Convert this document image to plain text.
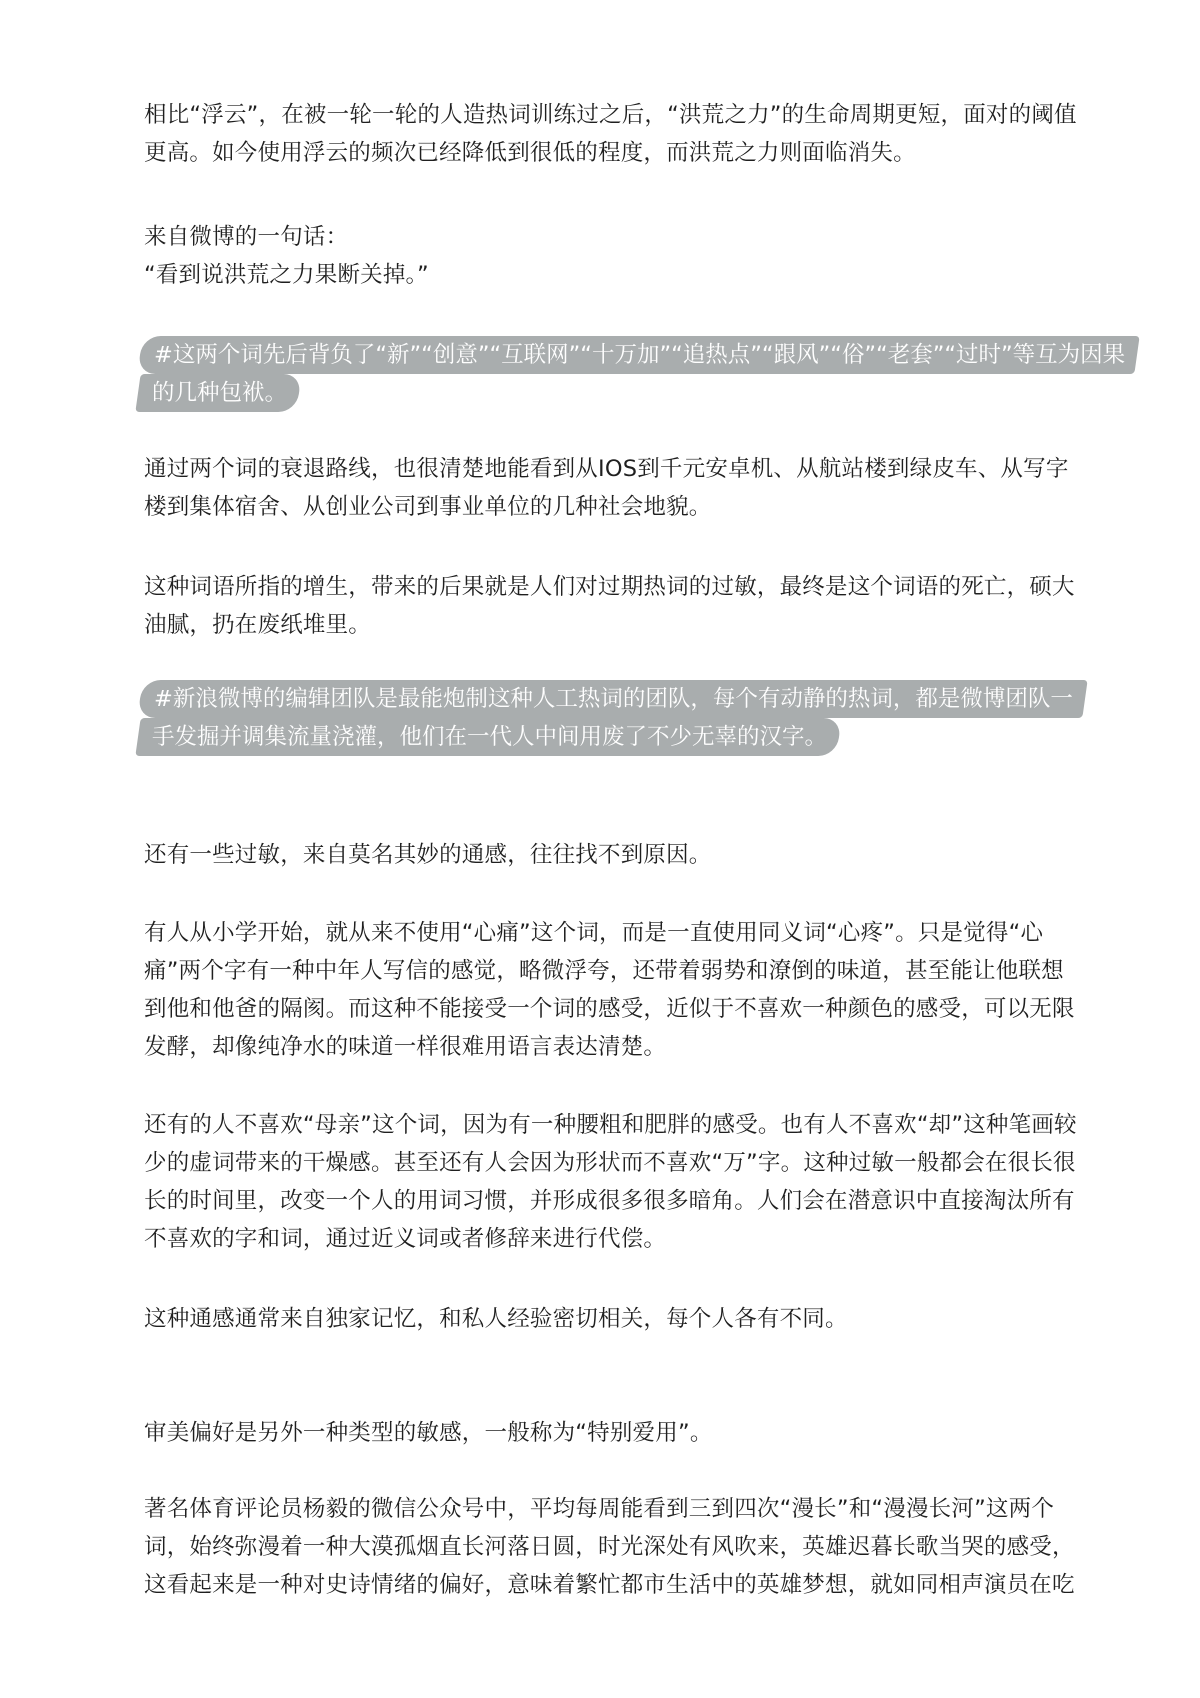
相比“浮云”，在被一轮一轮的人造热词训练过之后，“洪荒之力”的生命周期更短，面对的阈值
更高。如今使用浮云的频次已经降低到很低的程度，而洪荒之力则面临消失。
来自微博的一句话：
“看到说洪荒之力果断关掉。”
#这两个词先后背负了“新”“创意”“互联网”“十万加”“追热点”“跟风”“俗”“老套”“过时”等互为因果
的几种包袱。
通过两个词的衰退路线，也很清楚地能看到从IOS到千元安卓机、从航站楼到绿皮车、从写字
楼到集体宿舍、从创业公司到事业单位的几种社会地貌。
这种词语所指的增生，带来的后果就是人们对过期热词的过敏，最终是这个词语的死亡，硕大
油腻，扔在废纸堆里。
#新浪微博的编辑团队是最能炮制这种人工热词的团队，每个有动静的热词，都是微博团队一
手发掘并调集流量浇灌，他们在一代人中间用废了不少无辜的汉字。
还有一些过敏，来自莫名其妙的通感，往往找不到原因。
有人从小学开始，就从来不使用“心痛”这个词，而是一直使用同义词“心疼”。只是觉得“心
痛”两个字有一种中年人写信的感觉，略微浮夸，还带着弱势和潦倒的味道，甚至能让他联想
到他和他爸的隔阂。而这种不能接受一个词的感受，近似于不喜欢一种颜色的感受，可以无限
发酵，却像纯净水的味道一样很难用语言表达清楚。
还有的人不喜欢“母亲”这个词，因为有一种腰粗和肥胖的感受。也有人不喜欢“却”这种笔画较
少的虚词带来的干燥感。甚至还有人会因为形状而不喜欢“万”字。这种过敏一般都会在很长很
长的时间里，改变一个人的用词习惯，并形成很多很多暗角。人们会在潜意识中直接淘汰所有
不喜欢的字和词，通过近义词或者修辞来进行代偿。
这种通感通常来自独家记忆，和私人经验密切相关，每个人各有不同。
审美偏好是另外一种类型的敏感，一般称为“特别爱用”。
著名体育评论员杨毅的微信公众号中，平均每周能看到三到四次“漫长”和“漫漫长河”这两个
词，始终弥漫着一种大漠孤烟直长河落日圆，时光深处有风吹来，英雄迟暮长歌当哭的感受，
这看起来是一种对史诗情绪的偏好，意味着繁忙都市生活中的英雄梦想，就如同相声演员在吃
